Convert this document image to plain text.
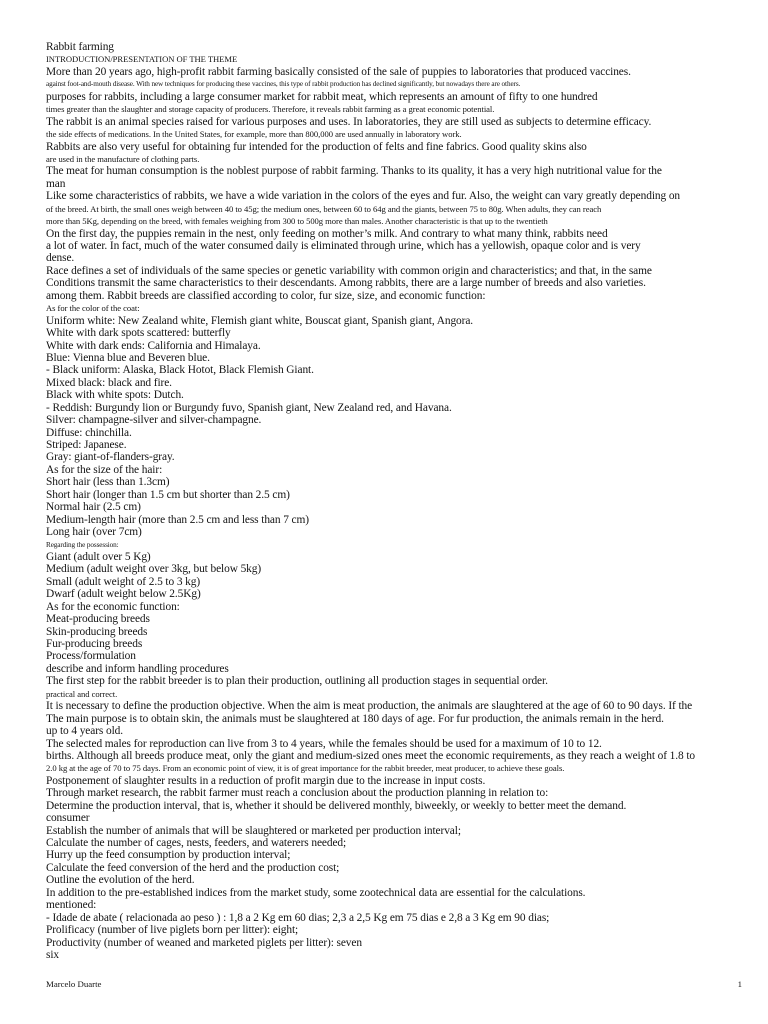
Rabbit farming
INTRODUCTION/PRESENTATION OF THE THEME
More than 20 years ago, high-profit rabbit farming basically consisted of the sale of puppies to laboratories that produced vaccines.
against foot-and-mouth disease. With new techniques for producing these vaccines, this type of rabbit production has declined significantly, but nowadays there are others.
purposes for rabbits, including a large consumer market for rabbit meat, which represents an amount of fifty to one hundred
times greater than the slaughter and storage capacity of producers. Therefore, it reveals rabbit farming as a great economic potential.
The rabbit is an animal species raised for various purposes and uses. In laboratories, they are still used as subjects to determine efficacy.
the side effects of medications. In the United States, for example, more than 800,000 are used annually in laboratory work.
Rabbits are also very useful for obtaining fur intended for the production of felts and fine fabrics. Good quality skins also
are used in the manufacture of clothing parts.
The meat for human consumption is the noblest purpose of rabbit farming. Thanks to its quality, it has a very high nutritional value for the
man
Like some characteristics of rabbits, we have a wide variation in the colors of the eyes and fur. Also, the weight can vary greatly depending on
of the breed. At birth, the small ones weigh between 40 to 45g; the medium ones, between 60 to 64g and the giants, between 75 to 80g. When adults, they can reach
more than 5Kg, depending on the breed, with females weighing from 300 to 500g more than males. Another characteristic is that up to the twentieth
On the first day, the puppies remain in the nest, only feeding on mother’s milk. And contrary to what many think, rabbits need
a lot of water. In fact, much of the water consumed daily is eliminated through urine, which has a yellowish, opaque color and is very
dense.
Race defines a set of individuals of the same species or genetic variability with common origin and characteristics; and that, in the same
Conditions transmit the same characteristics to their descendants. Among rabbits, there are a large number of breeds and also varieties.
among them. Rabbit breeds are classified according to color, fur size, size, and economic function:
As for the color of the coat:
Uniform white: New Zealand white, Flemish giant white, Bouscat giant, Spanish giant, Angora.
White with dark spots scattered: butterfly
White with dark ends: California and Himalaya.
Blue: Vienna blue and Beveren blue.
- Black uniform: Alaska, Black Hotot, Black Flemish Giant.
Mixed black: black and fire.
Black with white spots: Dutch.
- Reddish: Burgundy lion or Burgundy fuvo, Spanish giant, New Zealand red, and Havana.
Silver: champagne-silver and silver-champagne.
Diffuse: chinchilla.
Striped: Japanese.
Gray: giant-of-flanders-gray.
As for the size of the hair:
Short hair (less than 1.3cm)
Short hair (longer than 1.5 cm but shorter than 2.5 cm)
Normal hair (2.5 cm)
Medium-length hair (more than 2.5 cm and less than 7 cm)
Long hair (over 7cm)
Regarding the possession:
Giant (adult over 5 Kg)
Medium (adult weight over 3kg, but below 5kg)
Small (adult weight of 2.5 to 3 kg)
Dwarf (adult weight below 2.5Kg)
As for the economic function:
Meat-producing breeds
Skin-producing breeds
Fur-producing breeds
Process/formulation
describe and inform handling procedures
The first step for the rabbit breeder is to plan their production, outlining all production stages in sequential order.
practical and correct.
It is necessary to define the production objective. When the aim is meat production, the animals are slaughtered at the age of 60 to 90 days. If the
The main purpose is to obtain skin, the animals must be slaughtered at 180 days of age. For fur production, the animals remain in the herd.
up to 4 years old.
The selected males for reproduction can live from 3 to 4 years, while the females should be used for a maximum of 10 to 12.
births. Although all breeds produce meat, only the giant and medium-sized ones meet the economic requirements, as they reach a weight of 1.8 to
2.0 kg at the age of 70 to 75 days. From an economic point of view, it is of great importance for the rabbit breeder, meat producer, to achieve these goals.
Postponement of slaughter results in a reduction of profit margin due to the increase in input costs.
Through market research, the rabbit farmer must reach a conclusion about the production planning in relation to:
Determine the production interval, that is, whether it should be delivered monthly, biweekly, or weekly to better meet the demand.
consumer
Establish the number of animals that will be slaughtered or marketed per production interval;
Calculate the number of cages, nests, feeders, and waterers needed;
Hurry up the feed consumption by production interval;
Calculate the feed conversion of the herd and the production cost;
Outline the evolution of the herd.
In addition to the pre-established indices from the market study, some zootechnical data are essential for the calculations.
mentioned:
- Idade de abate ( relacionada ao peso ) : 1,8 a 2 Kg em 60 dias; 2,3 a 2,5 Kg em 75 dias e 2,8 a 3 Kg em 90 dias;
Prolificacy (number of live piglets born per litter): eight;
Productivity (number of weaned and marketed piglets per litter): seven
six
Marcelo Duarte	1
